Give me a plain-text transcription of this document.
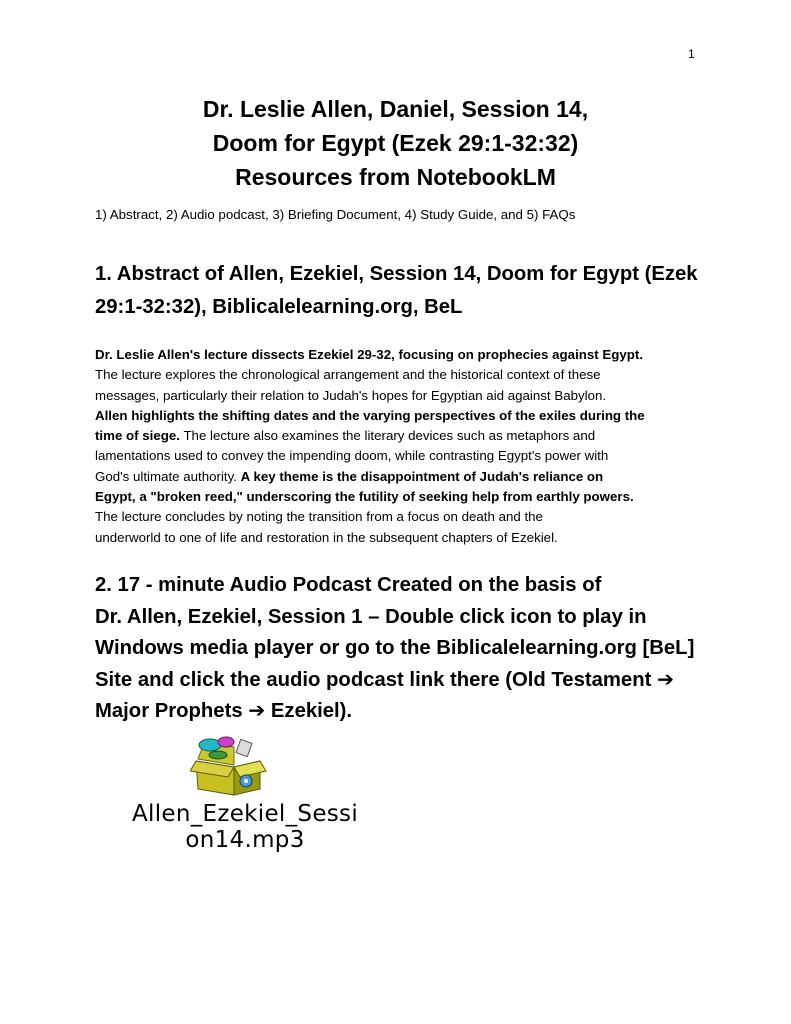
1
Dr. Leslie Allen, Daniel, Session 14,
Doom for Egypt (Ezek 29:1-32:32)
Resources from NotebookLM
1) Abstract, 2) Audio podcast, 3) Briefing Document, 4) Study Guide, and 5) FAQs
1. Abstract of Allen, Ezekiel, Session 14, Doom for Egypt (Ezek
29:1-32:32), Biblicalelearning.org, BeL
Dr. Leslie Allen's lecture dissects Ezekiel 29-32, focusing on prophecies against Egypt.
The lecture explores the chronological arrangement and the historical context of these
messages, particularly their relation to Judah's hopes for Egyptian aid against Babylon.
Allen highlights the shifting dates and the varying perspectives of the exiles during the
time of siege. The lecture also examines the literary devices such as metaphors and
lamentations used to convey the impending doom, while contrasting Egypt's power with
God's ultimate authority. A key theme is the disappointment of Judah's reliance on
Egypt, a "broken reed," underscoring the futility of seeking help from earthly powers.
The lecture concludes by noting the transition from a focus on death and the
underworld to one of life and restoration in the subsequent chapters of Ezekiel.
2. 17 - minute Audio Podcast Created on the basis of
Dr. Allen, Ezekiel, Session 1 – Double click icon to play in
Windows media player or go to the Biblicalelearning.org [BeL]
Site and click the audio podcast link there (Old Testament ➔
Major Prophets ➔ Ezekiel).
Allen_Ezekiel_Sessi
on14.mp3
